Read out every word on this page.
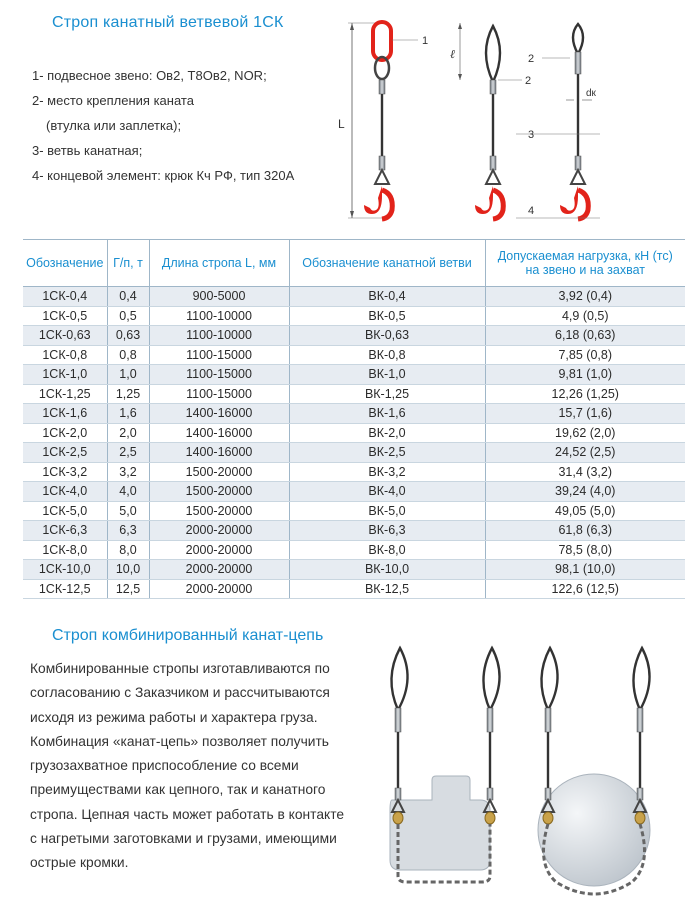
Строп канатный ветвевой 1СК
1- подвесное звено: Ов2, Т8Ов2, NOR;
2- место крепления каната
(втулка или заплетка);
3- ветвь канатная;
4- концевой элемент: крюк Кч РФ, тип 320А
L
1
ℓ
2
2
3
dк
4
Обозначение	Г/п, т	Длина стропа L, мм	Обозначение канатной ветви	Допускаемая нагрузка, кН (тс)
на звено и на захват

1СК-0,4	0,4	900-5000	ВК-0,4	3,92 (0,4)
1СК-0,5	0,5	1100-10000	ВК-0,5	4,9 (0,5)
1СК-0,63	0,63	1100-10000	ВК-0,63	6,18 (0,63)
1СК-0,8	0,8	1100-15000	ВК-0,8	7,85 (0,8)
1СК-1,0	1,0	1100-15000	ВК-1,0	9,81 (1,0)
1СК-1,25	1,25	1100-15000	ВК-1,25	12,26 (1,25)
1СК-1,6	1,6	1400-16000	ВК-1,6	15,7 (1,6)
1СК-2,0	2,0	1400-16000	ВК-2,0	19,62 (2,0)
1СК-2,5	2,5	1400-16000	ВК-2,5	24,52 (2,5)
1СК-3,2	3,2	1500-20000	ВК-3,2	31,4 (3,2)
1СК-4,0	4,0	1500-20000	ВК-4,0	39,24 (4,0)
1СК-5,0	5,0	1500-20000	ВК-5,0	49,05 (5,0)
1СК-6,3	6,3	2000-20000	ВК-6,3	61,8 (6,3)
1СК-8,0	8,0	2000-20000	ВК-8,0	78,5 (8,0)
1СК-10,0	10,0	2000-20000	ВК-10,0	98,1 (10,0)
1СК-12,5	12,5	2000-20000	ВК-12,5	122,6 (12,5)
Строп комбинированный канат-цепь
Комбинированные стропы изготавливаются по
согласованию с Заказчиком и рассчитываются
исходя из режима работы и характера груза.
Комбинация «канат-цепь» позволяет получить
грузозахватное приспособление со всеми
преимуществами как цепного, так и канатного
стропа. Цепная часть может работать в контакте
с нагретыми заготовками и грузами, имеющими
острые кромки.
